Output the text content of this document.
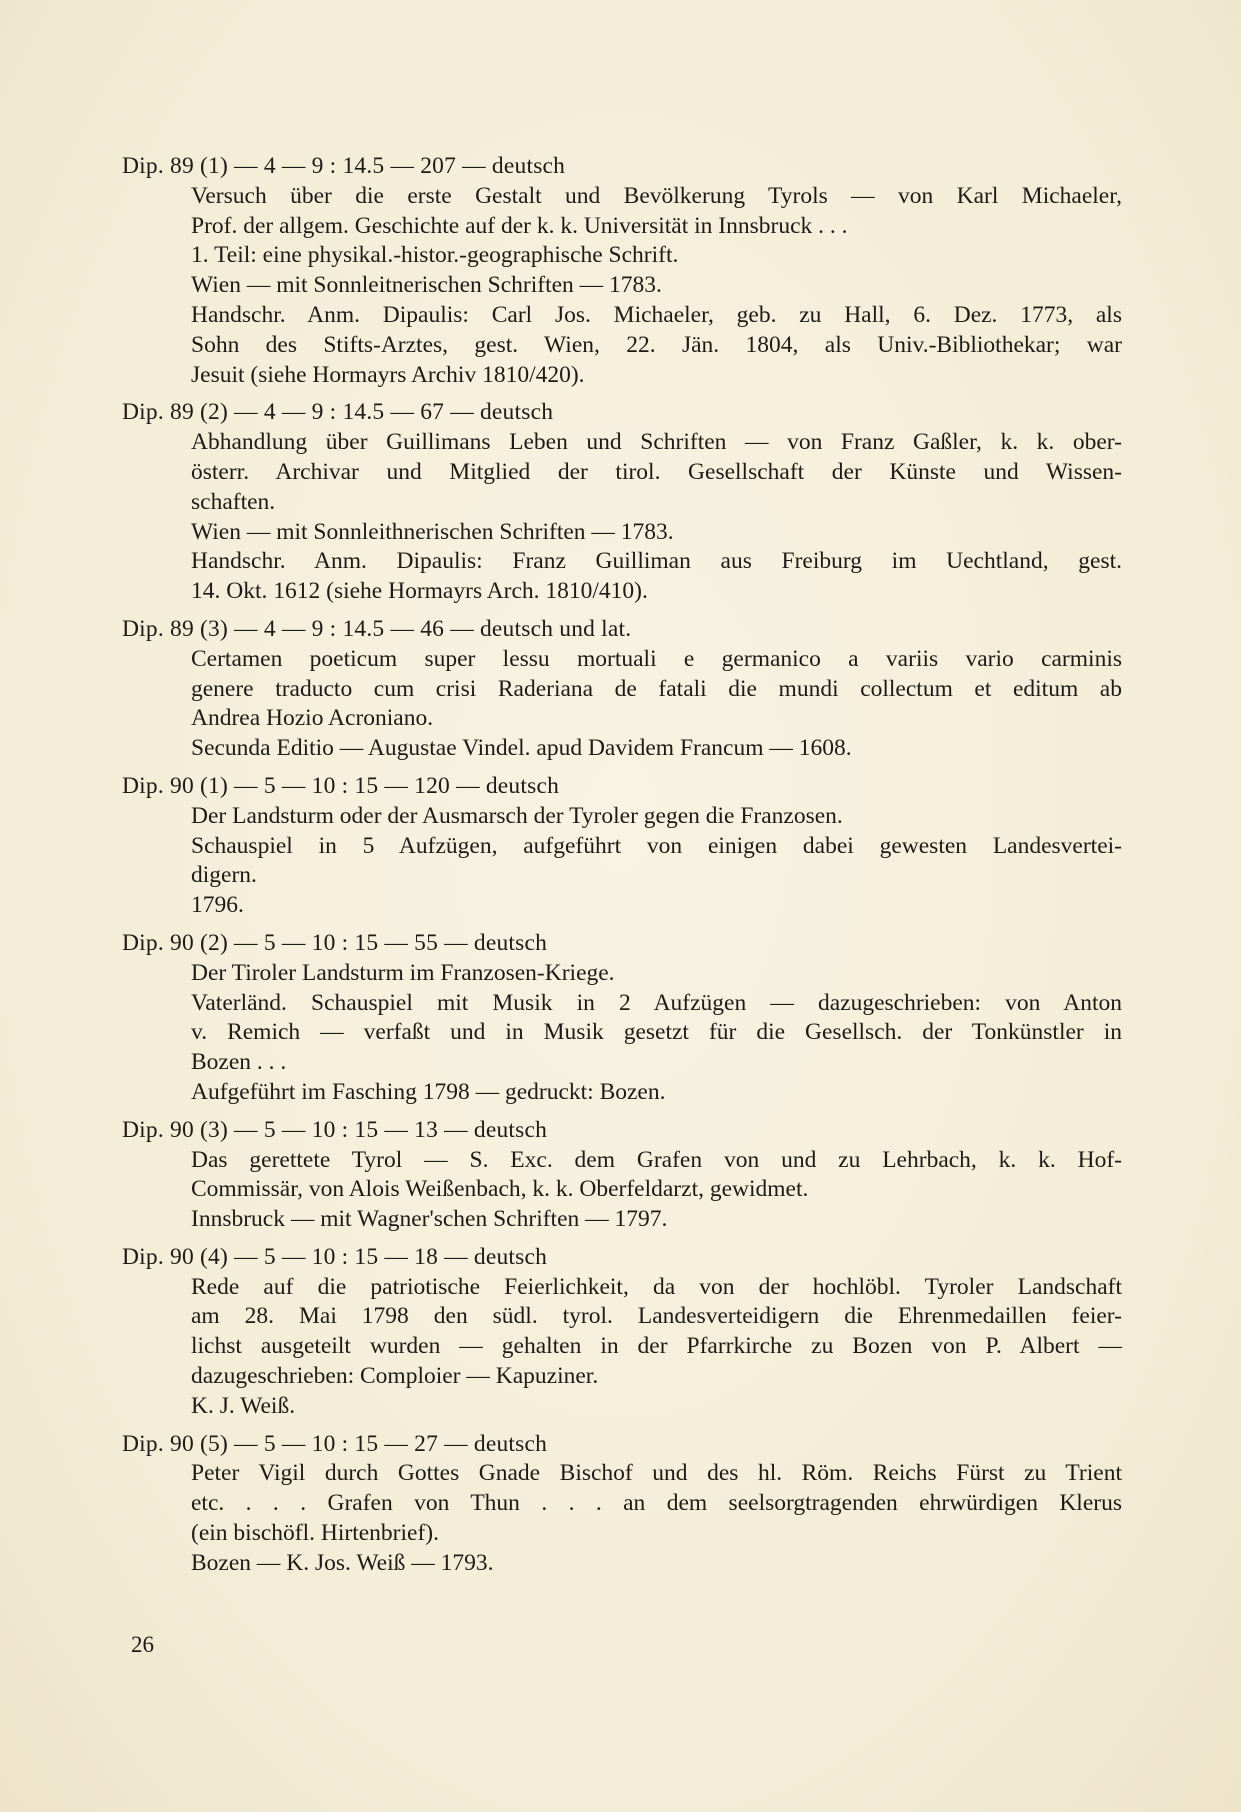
Dip. 89 (1) — 4 — 9 : 14.5 — 207 — deutsch
Versuch über die erste Gestalt und Bevölkerung Tyrols — von Karl Michaeler,
Prof. der allgem. Geschichte auf der k. k. Universität in Innsbruck . . .
1. Teil: eine physikal.-histor.-geographische Schrift.
Wien — mit Sonnleitnerischen Schriften — 1783.
Handschr. Anm. Dipaulis: Carl Jos. Michaeler, geb. zu Hall, 6. Dez. 1773, als
Sohn des Stifts-Arztes, gest. Wien, 22. Jän. 1804, als Univ.-Bibliothekar; war
Jesuit (siehe Hormayrs Archiv 1810/420).
Dip. 89 (2) — 4 — 9 : 14.5 — 67 — deutsch
Abhandlung über Guillimans Leben und Schriften — von Franz Gaßler, k. k. ober-
österr. Archivar und Mitglied der tirol. Gesellschaft der Künste und Wissen-
schaften.
Wien — mit Sonnleithnerischen Schriften — 1783.
Handschr. Anm. Dipaulis: Franz Guilliman aus Freiburg im Uechtland, gest.
14. Okt. 1612 (siehe Hormayrs Arch. 1810/410).
Dip. 89 (3) — 4 — 9 : 14.5 — 46 — deutsch und lat.
Certamen poeticum super lessu mortuali e germanico a variis vario carminis
genere traducto cum crisi Raderiana de fatali die mundi collectum et editum ab
Andrea Hozio Acroniano.
Secunda Editio — Augustae Vindel. apud Davidem Francum — 1608.
Dip. 90 (1) — 5 — 10 : 15 — 120 — deutsch
Der Landsturm oder der Ausmarsch der Tyroler gegen die Franzosen.
Schauspiel in 5 Aufzügen, aufgeführt von einigen dabei gewesten Landesvertei-
digern.
1796.
Dip. 90 (2) — 5 — 10 : 15 — 55 — deutsch
Der Tiroler Landsturm im Franzosen-Kriege.
Vaterländ. Schauspiel mit Musik in 2 Aufzügen — dazugeschrieben: von Anton
v. Remich — verfaßt und in Musik gesetzt für die Gesellsch. der Tonkünstler in
Bozen . . .
Aufgeführt im Fasching 1798 — gedruckt: Bozen.
Dip. 90 (3) — 5 — 10 : 15 — 13 — deutsch
Das gerettete Tyrol — S. Exc. dem Grafen von und zu Lehrbach, k. k. Hof-
Commissär, von Alois Weißenbach, k. k. Oberfeldarzt, gewidmet.
Innsbruck — mit Wagner'schen Schriften — 1797.
Dip. 90 (4) — 5 — 10 : 15 — 18 — deutsch
Rede auf die patriotische Feierlichkeit, da von der hochlöbl. Tyroler Landschaft
am 28. Mai 1798 den südl. tyrol. Landesverteidigern die Ehrenmedaillen feier-
lichst ausgeteilt wurden — gehalten in der Pfarrkirche zu Bozen von P. Albert —
dazugeschrieben: Comploier — Kapuziner.
K. J. Weiß.
Dip. 90 (5) — 5 — 10 : 15 — 27 — deutsch
Peter Vigil durch Gottes Gnade Bischof und des hl. Röm. Reichs Fürst zu Trient
etc. . . . Grafen von Thun . . . an dem seelsorgtragenden ehrwürdigen Klerus
(ein bischöfl. Hirtenbrief).
Bozen — K. Jos. Weiß — 1793.
26
